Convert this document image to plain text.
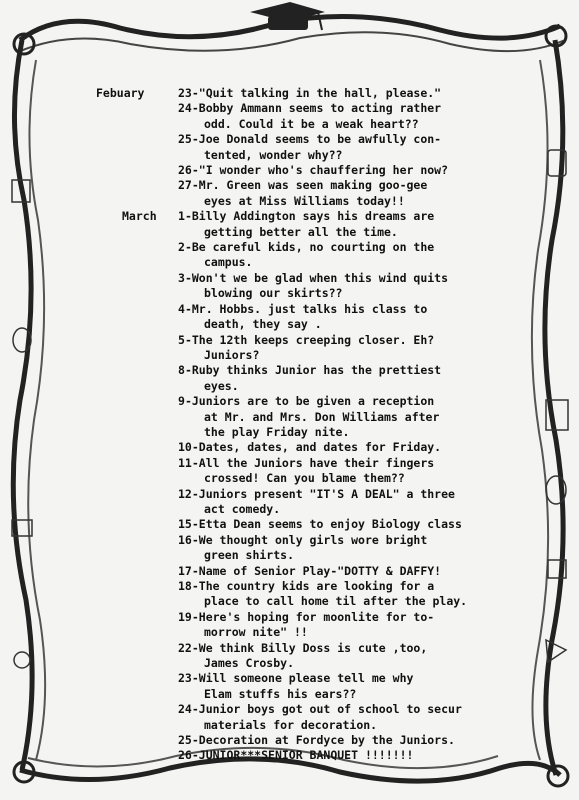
Febuary	23-"Quit talking in the hall, please."
24-Bobby Ammann seems to acting rather
odd. Could it be a weak heart??
25-Joe Donald seems to be awfully con-
tented, wonder why??
26-"I wonder who's chauffering her now?
27-Mr. Green was seen making goo-gee
eyes at Miss Williams today!!
March	1-Billy Addington says his dreams are
getting better all the time.
2-Be careful kids, no courting on the
campus.
3-Won't we be glad when this wind quits
blowing our skirts??
4-Mr. Hobbs. just talks his class to
death, they say .
5-The 12th keeps creeping closer. Eh?
Juniors?
8-Ruby thinks Junior has the prettiest
eyes.
9-Juniors are to be given a reception
at Mr. and Mrs. Don Williams after
the play Friday nite.
10-Dates, dates, and dates for Friday.
11-All the Juniors have their fingers
crossed! Can you blame them??
12-Juniors present "IT'S A DEAL" a three
act comedy.
15-Etta Dean seems to enjoy Biology class
16-We thought only girls wore bright
green shirts.
17-Name of Senior Play-"DOTTY & DAFFY!
18-The country kids are looking for a
place to call home til after the play.
19-Here's hoping for moonlite for to-
morrow nite" !!
22-We think Billy Doss is cute ,too,
James Crosby.
23-Will someone please tell me why
Elam stuffs his ears??
24-Junior boys got out of school to secur
materials for decoration.
25-Decoration at Fordyce by the Juniors.
26-JUNIOR***SENIOR BANQUET !!!!!!!
